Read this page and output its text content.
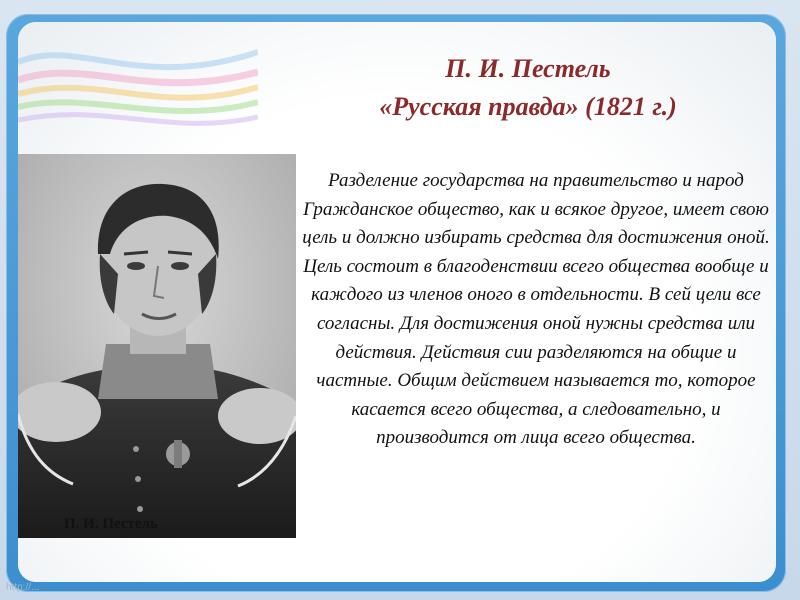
П. И. Пестель
П. И. Пестель
«Русская правда» (1821 г.)
Разделение государства на правительство и народ Гражданское общество, как и всякое другое, имеет свою цель и должно избирать средства для достижения оной. Цель состоит в благоденствии всего общества вообще и каждого из членов оного в отдельности. В сей цели все согласны. Для достижения оной нужны средства или действия. Действия сии разделяются на общие и частные. Общим действием называется то, которое касается всего общества, а следовательно, и производится от лица всего общества.
http://...
